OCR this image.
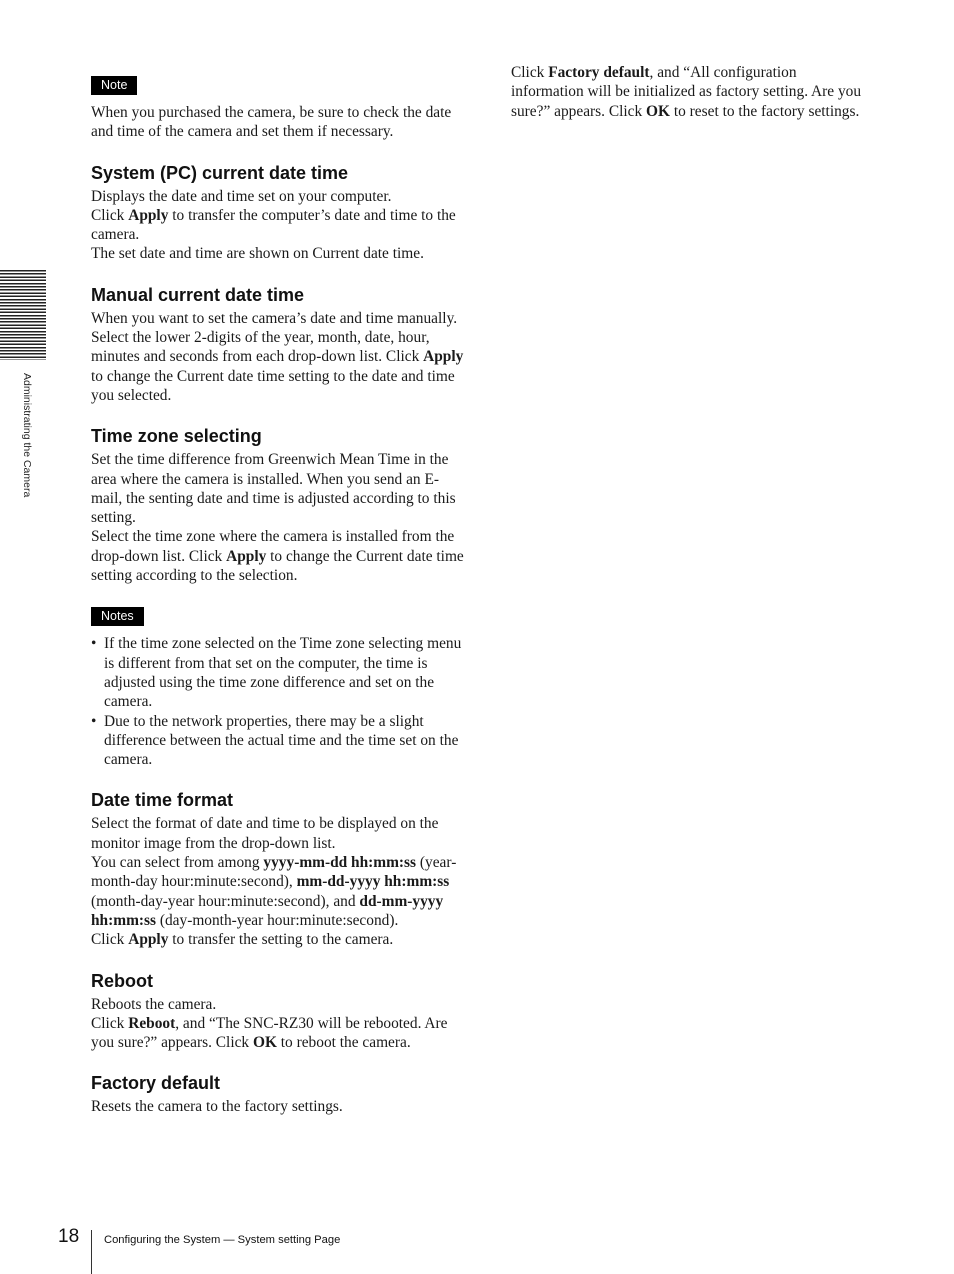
Administrating the Camera
Note

When you purchased the camera, be sure to check the date and time of the camera and set them if necessary.

System (PC) current date time

Displays the date and time set on your computer.

Click Apply to transfer the computer’s date and time to the camera.

The set date and time are shown on Current date time.

Manual current date time

When you want to set the camera’s date and time manually.

Select the lower 2-digits of the year, month, date, hour, minutes and seconds from each drop-down list. Click Apply to change the Current date time setting to the date and time you selected.

Time zone selecting

Set the time difference from Greenwich Mean Time in the area where the camera is installed. When you send an E-mail, the senting date and time is adjusted according to this setting.

Select the time zone where the camera is installed from the drop-down list. Click Apply to change the Current date time setting according to the selection.

Notes
• If the time zone selected on the Time zone selecting menu is different from that set on the computer, the time is adjusted using the time zone difference and set on the camera.
• Due to the network properties, there may be a slight difference between the actual time and the time set on the camera.
Date time format

Select the format of date and time to be displayed on the monitor image from the drop-down list.

You can select from among yyyy-mm-dd hh:mm:ss (year-month-day hour:minute:second), mm-dd-yyyy hh:mm:ss (month-day-year hour:minute:second), and dd-mm-yyyy hh:mm:ss (day-month-year hour:minute:second).

Click Apply to transfer the setting to the camera.

Reboot

Reboots the camera.

Click Reboot, and “The SNC-RZ30 will be rebooted. Are you sure?” appears. Click OK to reboot the camera.

Factory default

Resets the camera to the factory settings.

Click Factory default, and “All configuration information will be initialized as factory setting. Are you sure?” appears. Click OK to reset to the factory settings.

18 Configuring the System — System setting Page
